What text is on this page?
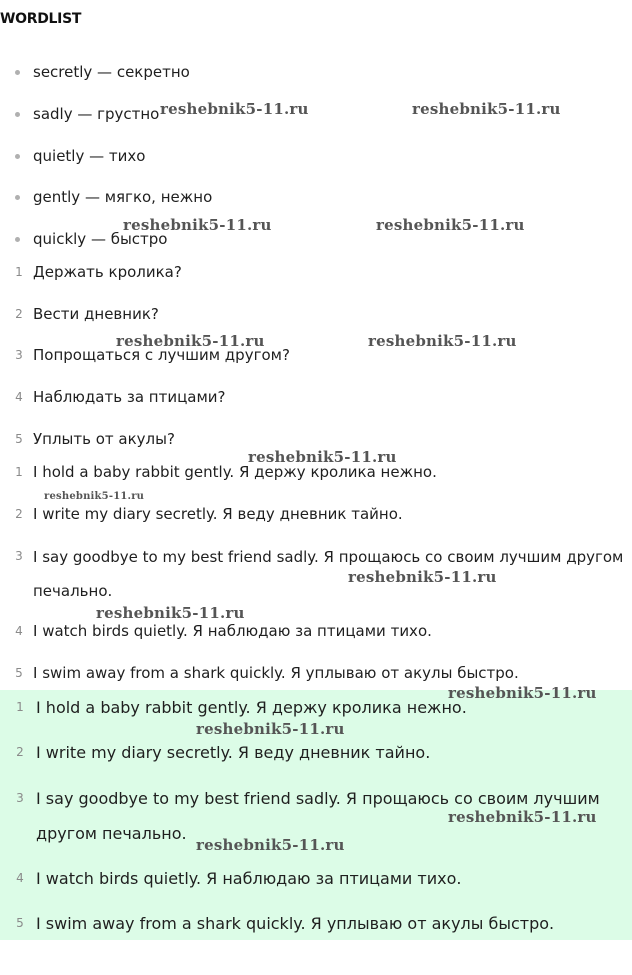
WORDLIST
secretly — секретно
sadly — грустно
quietly — тихо
gently — мягко, нежно
quickly — быстро
1 Держать кролика?
2 Вести дневник?
3 Попрощаться с лучшим другом?
4 Наблюдать за птицами?
5 Уплыть от акулы?
1 I hold a baby rabbit gently. Я держу кролика нежно.
2 I write my diary secretly. Я веду дневник тайно.
3 I say goodbye to my best friend sadly. Я прощаюсь со своим лучшим другом печально.
4 I watch birds quietly. Я наблюдаю за птицами тихо.
5 I swim away from a shark quickly. Я уплываю от акулы быстро.
1 I hold a baby rabbit gently. Я держу кролика нежно.
2 I write my diary secretly. Я веду дневник тайно.
3 I say goodbye to my best friend sadly. Я прощаюсь со своим лучшим другом печально.
4 I watch birds quietly. Я наблюдаю за птицами тихо.
5 I swim away from a shark quickly. Я уплываю от акулы быстро.
reshebnik5-11.ru	reshebnik5-11.ru
reshebnik5-11.ru	reshebnik5-11.ru
reshebnik5-11.ru	reshebnik5-11.ru
reshebnik5-11.ru
reshebnik5-11.ru
reshebnik5-11.ru
reshebnik5-11.ru
reshebnik5-11.ru
reshebnik5-11.ru
reshebnik5-11.ru
reshebnik5-11.ru
